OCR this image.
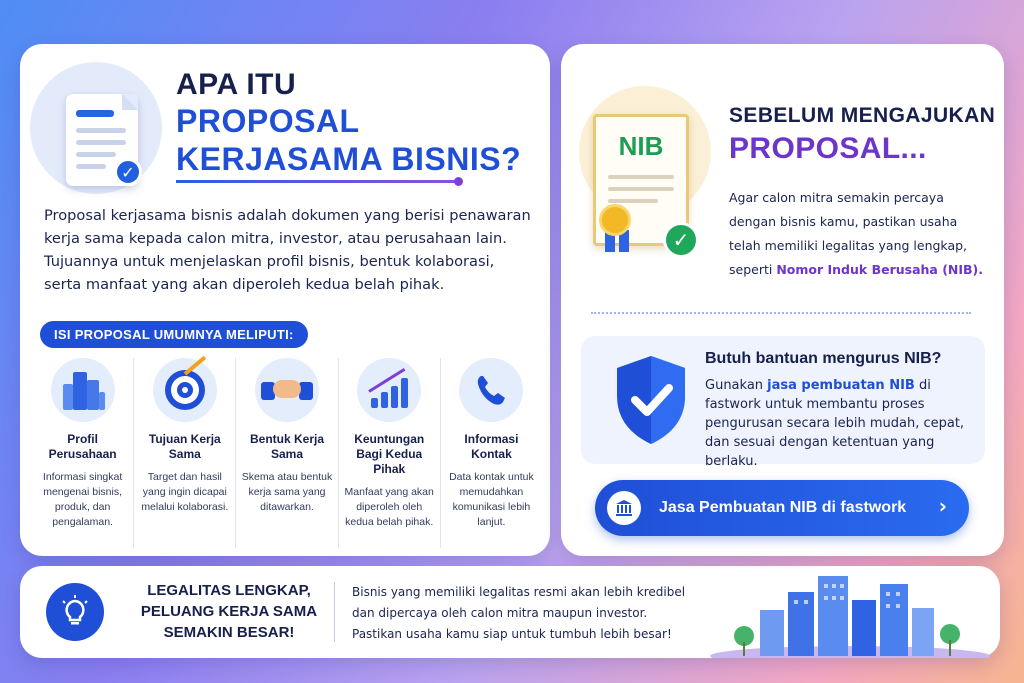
✓
APA ITU
PROPOSAL
KERJASAMA BISNIS?

Proposal kerjasama bisnis adalah dokumen yang berisi penawaran kerja sama kepada calon mitra, investor, atau perusahaan lain. Tujuannya untuk menjelaskan profil bisnis, bentuk kolaborasi, serta manfaat yang akan diperoleh kedua belah pihak.

ISI PROPOSAL UMUMNYA MELIPUTI:
Profil Perusahaan
Informasi singkat mengenai bisnis, produk, dan pengalaman.
Tujuan Kerja Sama
Target dan hasil yang ingin dicapai melalui kolaborasi.
Bentuk Kerja Sama
Skema atau bentuk kerja sama yang ditawarkan.
Keuntungan Bagi Kedua Pihak
Manfaat yang akan diperoleh oleh kedua belah pihak.
Informasi Kontak
Data kontak untuk memudahkan komunikasi lebih lanjut.
NIB
✓
SEBELUM MENGAJUKAN
PROPOSAL...

Agar calon mitra semakin percaya dengan bisnis kamu, pastikan usaha telah memiliki legalitas yang lengkap, seperti Nomor Induk Berusaha (NIB).

Butuh bantuan mengurus NIB?

Gunakan jasa pembuatan NIB di fastwork untuk membantu proses pengurusan secara lebih mudah, cepat, dan sesuai dengan ketentuan yang berlaku.

Jasa Pembuatan NIB di fastwork ›
LEGALITAS LENGKAP, PELUANG KERJA SAMA SEMAKIN BESAR!

Bisnis yang memiliki legalitas resmi akan lebih kredibel dan dipercaya oleh calon mitra maupun investor. Pastikan usaha kamu siap untuk tumbuh lebih besar!
